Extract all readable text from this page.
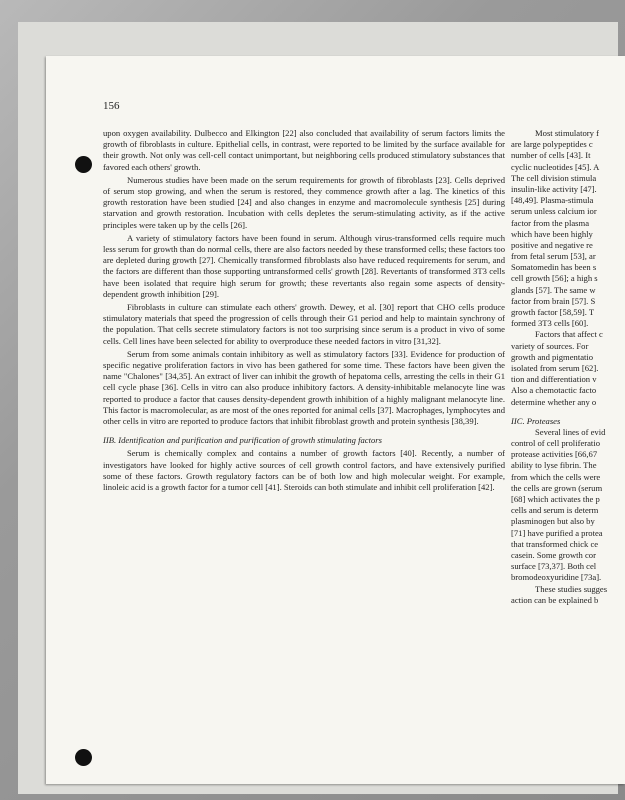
156

upon oxygen availability. Dulbecco and Elkington [22] also concluded that availability of serum factors limits the growth of fibroblasts in culture. Epithelial cells, in contrast, were reported to be limited by the surface available for their growth. Not only was cell-cell contact unimportant, but neighboring cells produced stimulatory substances that favored each others' growth.

Numerous studies have been made on the serum requirements for growth of fibroblasts [23]. Cells deprived of serum stop growing, and when the serum is restored, they commence growth after a lag. The kinetics of this growth restoration have been studied [24] and also changes in enzyme and macromolecule synthesis [25] during starvation and growth restoration. Incubation with cells depletes the serum-stimulating activity, as if the active principles were taken up by the cells [26].

A variety of stimulatory factors have been found in serum. Although virus-transformed cells require much less serum for growth than do normal cells, there are also factors needed by these transformed cells; these factors too are depleted during growth [27]. Chemically transformed fibroblasts also have reduced requirements for serum, and the factors are different than those supporting untransformed cells' growth [28]. Revertants of transformed 3T3 cells have been isolated that require high serum for growth; these revertants also regain some aspects of density-dependent growth inhibition [29].

Fibroblasts in culture can stimulate each others' growth. Dewey, et al. [30] report that CHO cells produce stimulatory materials that speed the progression of cells through their G1 period and help to maintain synchrony of the population. That cells secrete stimulatory factors is not too surprising since serum is a product in vivo of some cells. Cell lines have been selected for ability to overproduce these needed factors in vitro [31,32].

Serum from some animals contain inhibitory as well as stimulatory factors [33]. Evidence for production of specific negative proliferation factors in vivo has been gathered for some time. These factors have been given the name "Chalones" [34,35]. An extract of liver can inhibit the growth of hepatoma cells, arresting the cells in their G1 cell cycle phase [36]. Cells in vitro can also produce inhibitory factors. A density-inhibitable melanocyte line was reported to produce a factor that causes density-dependent growth inhibition of a highly malignant melanocyte line. This factor is macromolecular, as are most of the ones reported for animal cells [37]. Macrophages, lymphocytes and other cells in vitro are reported to produce factors that inhibit fibroblast growth and protein synthesis [38,39].

IIB. Identification and purification and purification of growth stimulating factors

Serum is chemically complex and contains a number of growth factors [40]. Recently, a number of investigators have looked for highly active sources of cell growth control factors, and have extensively purified some of these factors. Growth regulatory factors can be of both low and high molecular weight. For example, linoleic acid is a growth factor for a tumor cell [41]. Steroids can both stimulate and inhibit cell proliferation [42].

Most stimulatory f
are large polypeptides c
number of cells [43]. It
cyclic nucleotides [45]. A
The cell division stimula
insulin-like activity [47].
[48,49]. Plasma-stimula
serum unless calcium ior
factor from the plasma
which have been highly
positive and negative re
from fetal serum [53], ar
Somatomedin has been s
cell growth [56]; a high s
glands [57]. The same w
factor from brain [57]. S
growth factor [58,59]. T
formed 3T3 cells [60].
Factors that affect c
variety of sources. For
growth and pigmentatio
isolated from serum [62].
tion and differentiation v
Also a chemotactic facto
determine whether any o
IIC. Proteases
Several lines of evid
control of cell proliferatio
protease activities [66,67
ability to lyse fibrin. The
from which the cells were
the cells are grown (serum
[68] which activates the p
cells and serum is determ
plasminogen but also by
[71] have purified a protea
that transformed chick ce
casein. Some growth cor
surface [73,37]. Both cel
bromodeoxyuridine [73a].
These studies sugges
action can be explained b
